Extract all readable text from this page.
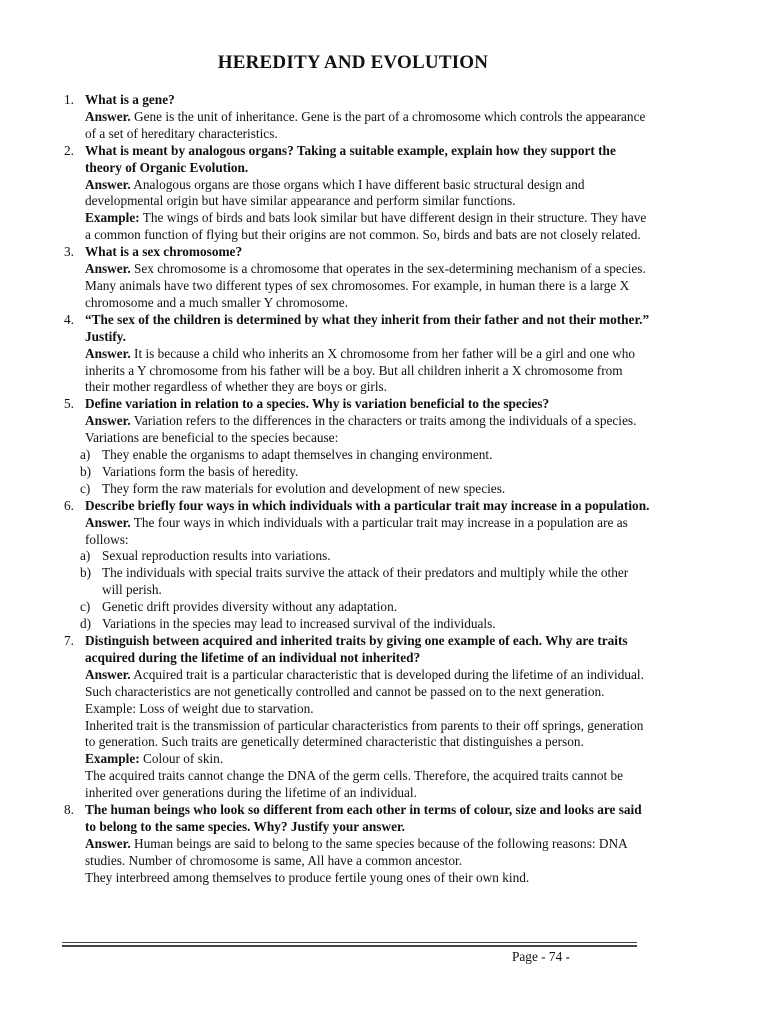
HEREDITY AND EVOLUTION
1. What is a gene?
Answer. Gene is the unit of inheritance. Gene is the part of a chromosome which controls the appearance of a set of hereditary characteristics.
2. What is meant by analogous organs? Taking a suitable example, explain how they support the theory of Organic Evolution.
Answer. Analogous organs are those organs which I have different basic structural design and developmental origin but have similar appearance and perform similar functions.
Example: The wings of birds and bats look similar but have different design in their structure. They have a common function of flying but their origins are not common. So, birds and bats are not closely related.
3. What is a sex chromosome?
Answer. Sex chromosome is a chromosome that operates in the sex-determining mechanism of a species. Many animals have two different types of sex chromosomes. For example, in human there is a large X chromosome and a much smaller Y chromosome.
4. “The sex of the children is determined by what they inherit from their father and not their mother.” Justify.
Answer. It is because a child who inherits an X chromosome from her father will be a girl and one who inherits a Y chromosome from his father will be a boy. But all children inherit a X chromosome from their mother regardless of whether they are boys or girls.
5. Define variation in relation to a species. Why is variation beneficial to the species?
Answer. Variation refers to the differences in the characters or traits among the individuals of a species. Variations are beneficial to the species because:
a) They enable the organisms to adapt themselves in changing environment.
b) Variations form the basis of heredity.
c) They form the raw materials for evolution and development of new species.
6. Describe briefly four ways in which individuals with a particular trait may increase in a population.
Answer. The four ways in which individuals with a particular trait may increase in a population are as follows:
a) Sexual reproduction results into variations.
b) The individuals with special traits survive the attack of their predators and multiply while the other will perish.
c) Genetic drift provides diversity without any adaptation.
d) Variations in the species may lead to increased survival of the individuals.
7. Distinguish between acquired and inherited traits by giving one example of each. Why are traits acquired during the lifetime of an individual not inherited?
Answer. Acquired trait is a particular characteristic that is developed during the lifetime of an individual. Such characteristics are not genetically controlled and cannot be passed on to the next generation. Example: Loss of weight due to starvation.
Inherited trait is the transmission of particular characteristics from parents to their off springs, generation to generation. Such traits are genetically determined characteristic that distinguishes a person.
Example: Colour of skin.
The acquired traits cannot change the DNA of the germ cells. Therefore, the acquired traits cannot be inherited over generations during the lifetime of an individual.
8. The human beings who look so different from each other in terms of colour, size and looks are said to belong to the same species. Why? Justify your answer.
Answer. Human beings are said to belong to the same species because of the following reasons: DNA studies. Number of chromosome is same, All have a common ancestor.
They interbreed among themselves to produce fertile young ones of their own kind.
Page - 74 -
